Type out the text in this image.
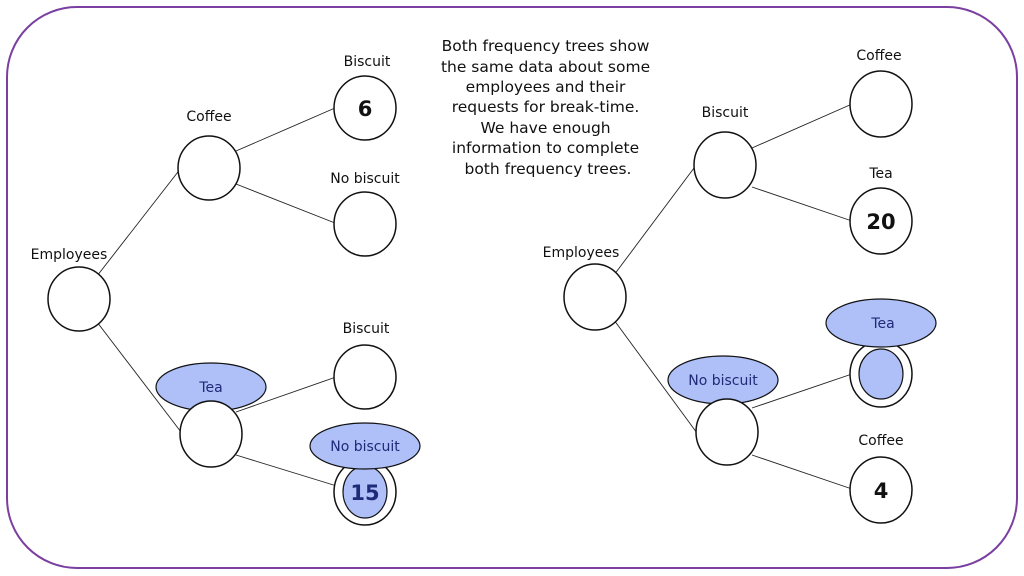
Both frequency trees show the same data about some employees and their requests for break-time. We have enough information to complete both frequency trees.
Employees
Coffee
Tea
Biscuit
6
No biscuit
Biscuit
No biscuit
15
Employees
Biscuit
No biscuit
Coffee
Tea
20
Tea
Coffee
4
